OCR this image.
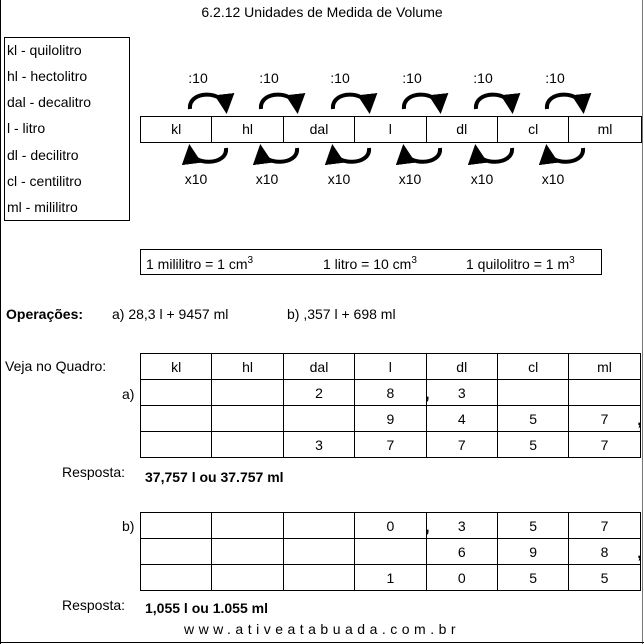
6.2.12 Unidades de Medida de Volume
kl - quilolitro
hl - hectolitro
dal - decalitro
l - litro
dl - decilitro
cl - centilitro
ml - mililitro
:10	:10	:10	:10	:10	:10
kl	hl	dal	l	dl	cl	ml
x10	x10	x10	x10	x10	x10
1 mililitro = 1 $cm^3$	1 litro = 10 $cm^3$	1 quilolitro = 1 $m^3$
Operações: a) 28,3 l + 9457 ml	b) ,357 l + 698 ml
Veja no Quadro:	kl	hl	dal	l	dl	cl	ml
		2	8 ,	3		
			9	4	5	7 ,

		3	7	7	5	7
a)
Resposta: 37,757 l ou 37.757 ml
			0 ,	3	5	7
				6	9	8 ,

			1	0	5	5
b)
Resposta: 1,055 l ou 1.055 ml
www.ativeatabuada.com.br
